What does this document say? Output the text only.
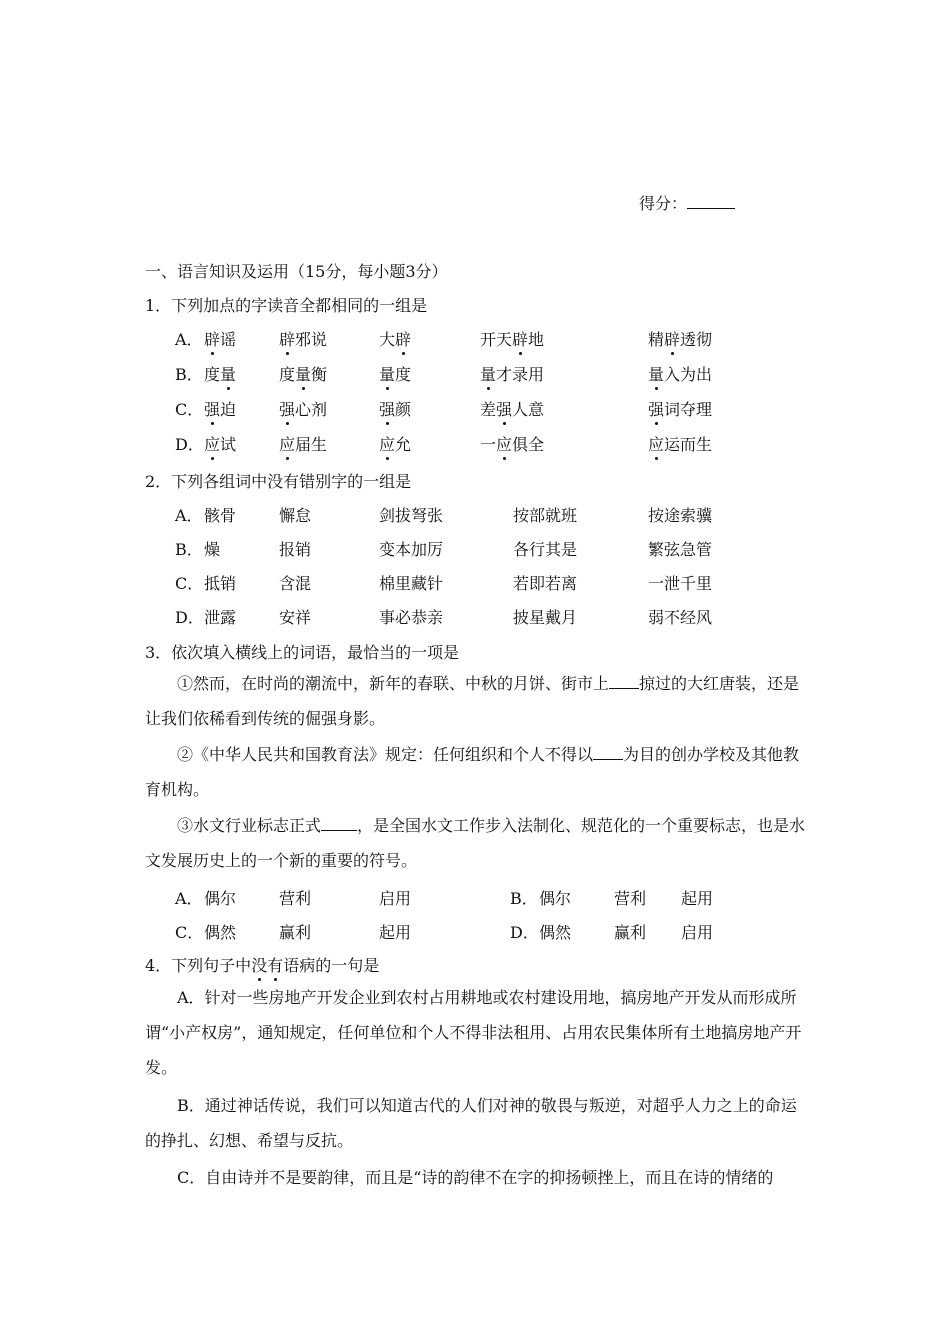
得分：
一、语言知识及运用（15分，每小题3分）
1．下列加点的字读音全都相同的一组是
A． 辟谣	辟邪说	大辟	开天辟地	精辟透彻
B． 度量	度量衡	量度	量才录用	量入为出
C． 强迫	强心剂	强颜	差强人意	强词夺理
D． 应试	应届生	应允	一应俱全	应运而生
2．下列各组词中没有错别字的一组是
A． 骸骨	懈怠	剑拔弩张	按部就班	按途索骥
B． 燥	报销	变本加厉	各行其是	繁弦急管
C． 抵销	含混	棉里藏针	若即若离	一泄千里
D． 泄露	安祥	事必恭亲	披星戴月	弱不经风
3．依次填入横线上的词语，最恰当的一项是
①然而，在时尚的潮流中，新年的春联、中秋的月饼、街市上 掠过的大红唐装，还是让我们依稀看到传统的倔强身影。
②《中华人民共和国教育法》规定：任何组织和个人不得以 为目的创办学校及其他教育机构。
③水文行业标志正式 ，是全国水文工作步入法制化、规范化的一个重要标志，也是水文发展历史上的一个新的重要的符号。
A． 偶尔	营利	启用	B． 偶尔	营利 起用
C． 偶然	赢利	起用	D． 偶然	赢利 启用
4．下列句子中没有语病的一句是
A．针对一些房地产开发企业到农村占用耕地或农村建设用地，搞房地产开发从而形成所谓“小产权房”，通知规定，任何单位和个人不得非法租用、占用农民集体所有土地搞房地产开发。
B．通过神话传说，我们可以知道古代的人们对神的敬畏与叛逆，对超乎人力之上的命运的挣扎、幻想、希望与反抗。
C．自由诗并不是要韵律，而且是“诗的韵律不在字的抑扬顿挫上，而且在诗的情绪的
